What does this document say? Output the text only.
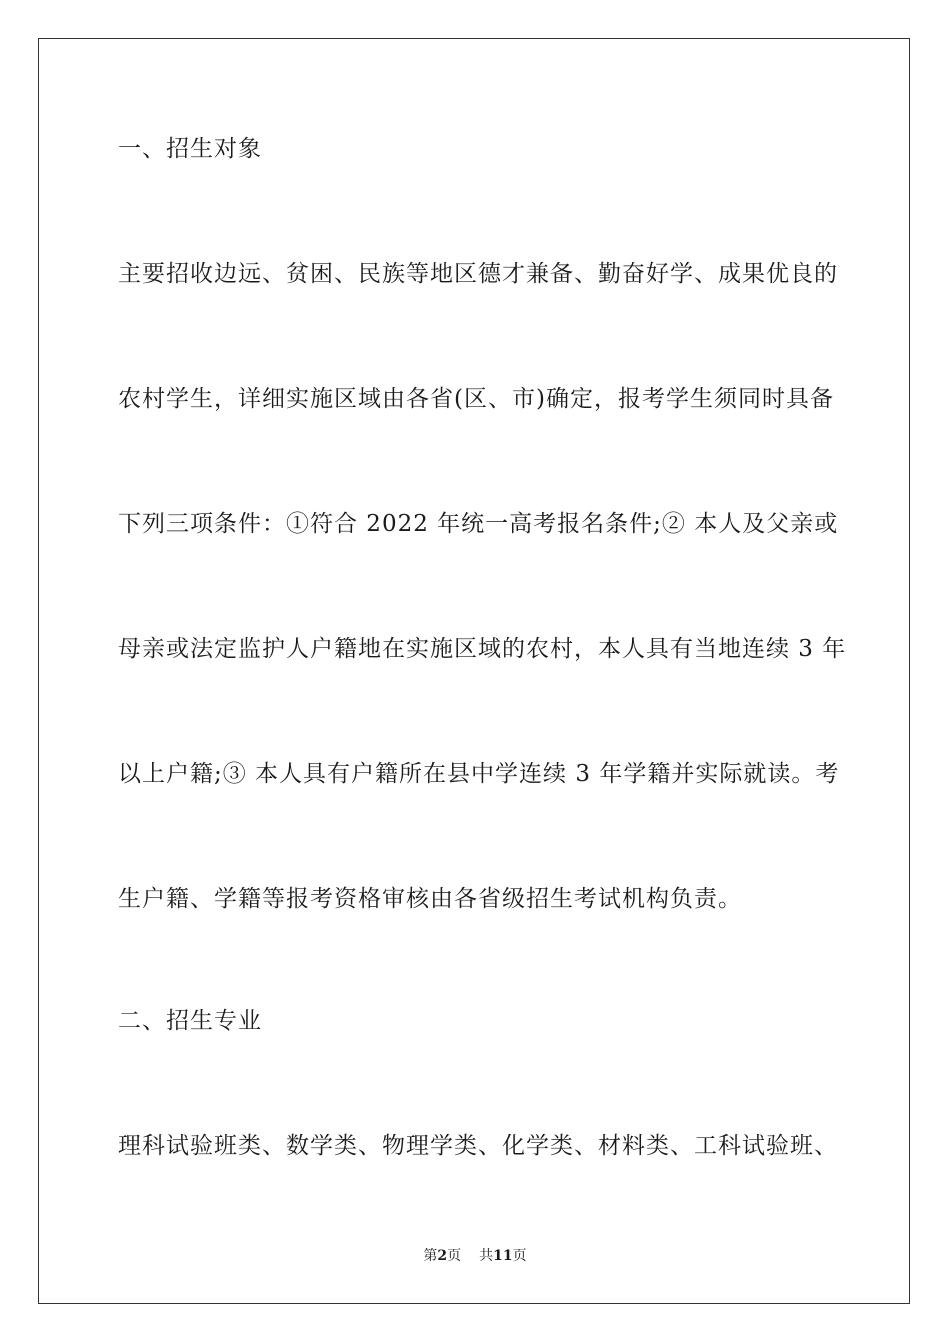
一、招生对象
主要招收边远、贫困、民族等地区德才兼备、勤奋好学、成果优良的
农村学生，详细实施区域由各省(区、市)确定，报考学生须同时具备
下列三项条件：①符合 2022 年统一高考报名条件;② 本人及父亲或
母亲或法定监护人户籍地在实施区域的农村，本人具有当地连续 3 年
以上户籍;③ 本人具有户籍所在县中学连续 3 年学籍并实际就读。考
生户籍、学籍等报考资格审核由各省级招生考试机构负责。
二、招生专业
理科试验班类、数学类、物理学类、化学类、材料类、工科试验班、
第2页 共11页
